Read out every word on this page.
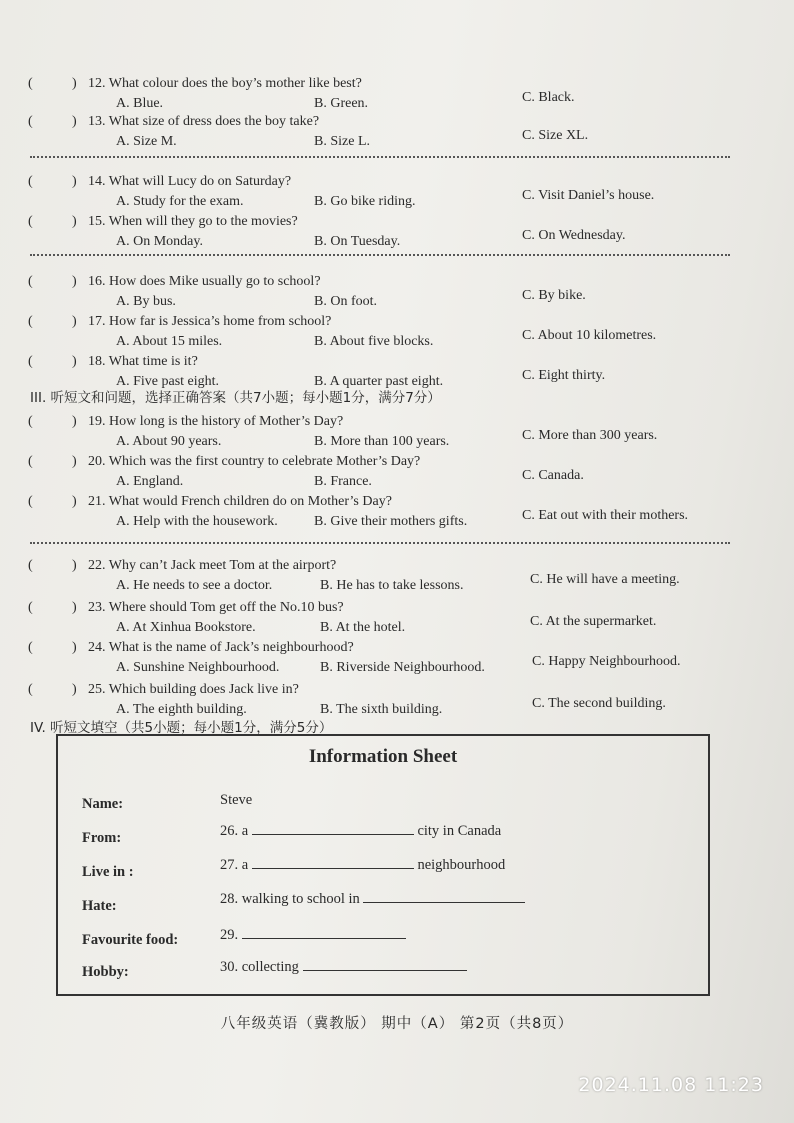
(	) 12. What colour does the boy’s mother like best?
A. Blue.	B. Green.	C. Black.
(	) 13. What size of dress does the boy take?
A. Size M.	B. Size L.	C. Size XL.
(	) 14. What will Lucy do on Saturday?
A. Study for the exam.	B. Go bike riding.	C. Visit Daniel’s house.
(	) 15. When will they go to the movies?
A. On Monday.	B. On Tuesday.	C. On Wednesday.
(	) 16. How does Mike usually go to school?
A. By bus.	B. On foot.	C. By bike.
(	) 17. How far is Jessica’s home from school?
A. About 15 miles.	B. About five blocks.	C. About 10 kilometres.
(	) 18. What time is it?
A. Five past eight.	B. A quarter past eight.	C. Eight thirty.
III. 听短文和问题，选择正确答案（共7小题；每小题1分，满分7分）
(	) 19. How long is the history of Mother’s Day?
A. About 90 years.	B. More than 100 years.	C. More than 300 years.
(	) 20. Which was the first country to celebrate Mother’s Day?
A. England.	B. France.	C. Canada.
(	) 21. What would French children do on Mother’s Day?
A. Help with the housework.	B. Give their mothers gifts.	C. Eat out with their mothers.
(	) 22. Why can’t Jack meet Tom at the airport?
A. He needs to see a doctor.	B. He has to take lessons.	C. He will have a meeting.
(	) 23. Where should Tom get off the No.10 bus?
A. At Xinhua Bookstore.	B. At the hotel.	C. At the supermarket.
(	) 24. What is the name of Jack’s neighbourhood?
A. Sunshine Neighbourhood.	B. Riverside Neighbourhood.	C. Happy Neighbourhood.
(	) 25. Which building does Jack live in?
A. The eighth building.	B. The sixth building.	C. The second building.
IV. 听短文填空（共5小题；每小题1分，满分5分）
Information Sheet
Name:	Steve
From:	26. a	city in Canada
Live in :	27. a	neighbourhood
Hate:	28. walking to school in
Favourite food:	29.
Hobby:	30. collecting
八年级英语（冀教版） 期中（A） 第2页（共8页）
2024.11.08 11:23
